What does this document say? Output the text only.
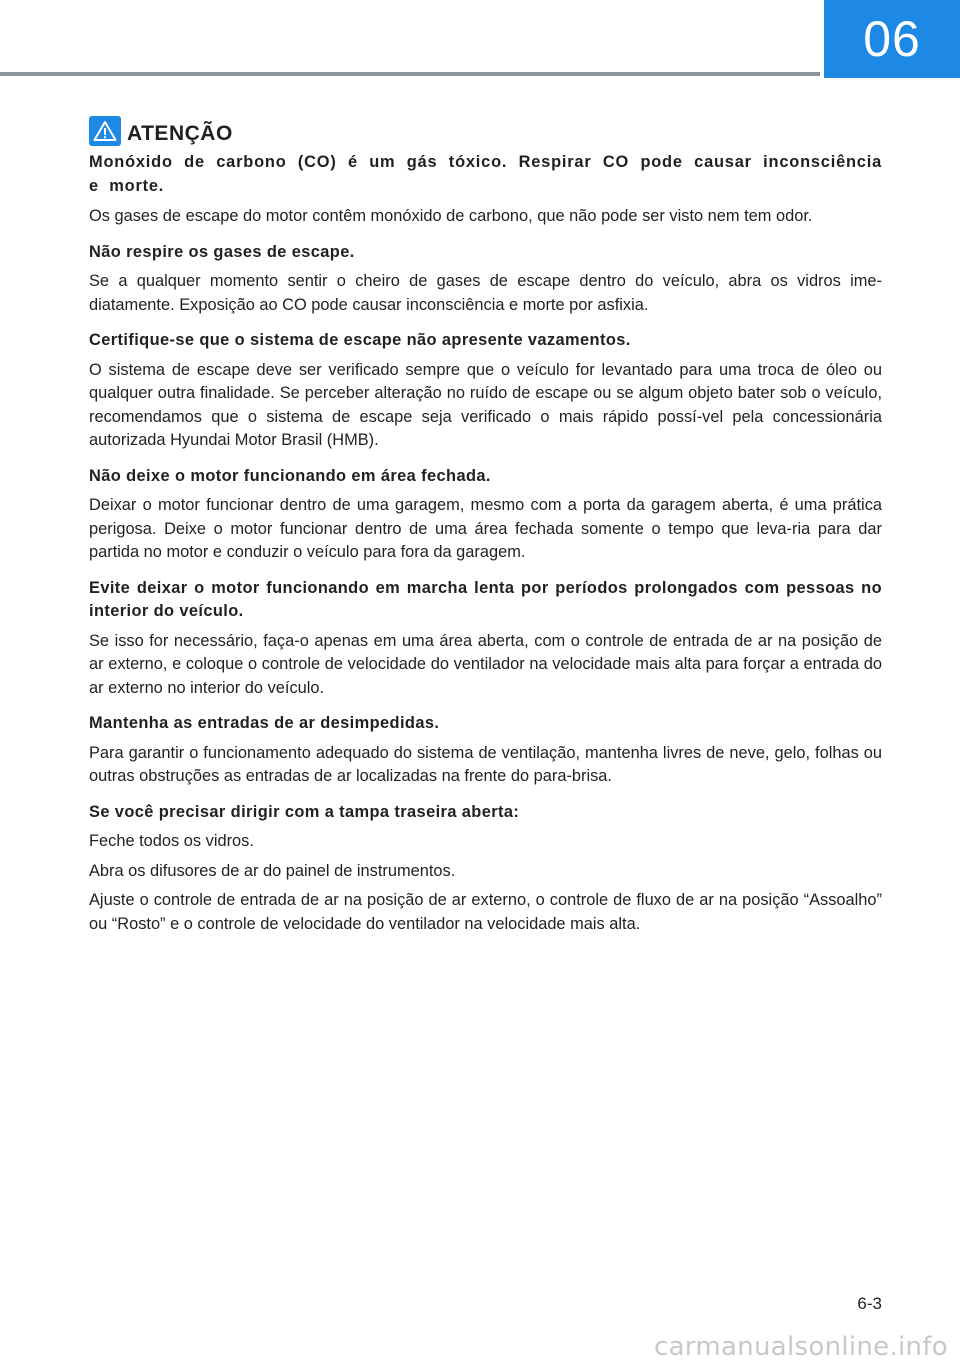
06
ATENÇÃO

Monóxido de carbono (CO) é um gás tóxico. Respirar CO pode causar inconsciência e morte.

Os gases de escape do motor contêm monóxido de carbono, que não pode ser visto nem tem odor.

Não respire os gases de escape.

Se a qualquer momento sentir o cheiro de gases de escape dentro do veículo, abra os vidros ime-diatamente. Exposição ao CO pode causar inconsciência e morte por asfixia.

Certifique-se que o sistema de escape não apresente vazamentos.

O sistema de escape deve ser verificado sempre que o veículo for levantado para uma troca de óleo ou qualquer outra finalidade. Se perceber alteração no ruído de escape ou se algum objeto bater sob o veículo, recomendamos que o sistema de escape seja verificado o mais rápido possí-vel pela concessionária autorizada Hyundai Motor Brasil (HMB).

Não deixe o motor funcionando em área fechada.

Deixar o motor funcionar dentro de uma garagem, mesmo com a porta da garagem aberta, é uma prática perigosa. Deixe o motor funcionar dentro de uma área fechada somente o tempo que leva-ria para dar partida no motor e conduzir o veículo para fora da garagem.

Evite deixar o motor funcionando em marcha lenta por períodos prolongados com pessoas no interior do veículo.

Se isso for necessário, faça-o apenas em uma área aberta, com o controle de entrada de ar na posição de ar externo, e coloque o controle de velocidade do ventilador na velocidade mais alta para forçar a entrada do ar externo no interior do veículo.

Mantenha as entradas de ar desimpedidas.

Para garantir o funcionamento adequado do sistema de ventilação, mantenha livres de neve, gelo, folhas ou outras obstruções as entradas de ar localizadas na frente do para-brisa.

Se você precisar dirigir com a tampa traseira aberta:

Feche todos os vidros.

Abra os difusores de ar do painel de instrumentos.

Ajuste o controle de entrada de ar na posição de ar externo, o controle de fluxo de ar na posição “Assoalho” ou “Rosto” e o controle de velocidade do ventilador na velocidade mais alta.

6-3
carmanualsonline.info
